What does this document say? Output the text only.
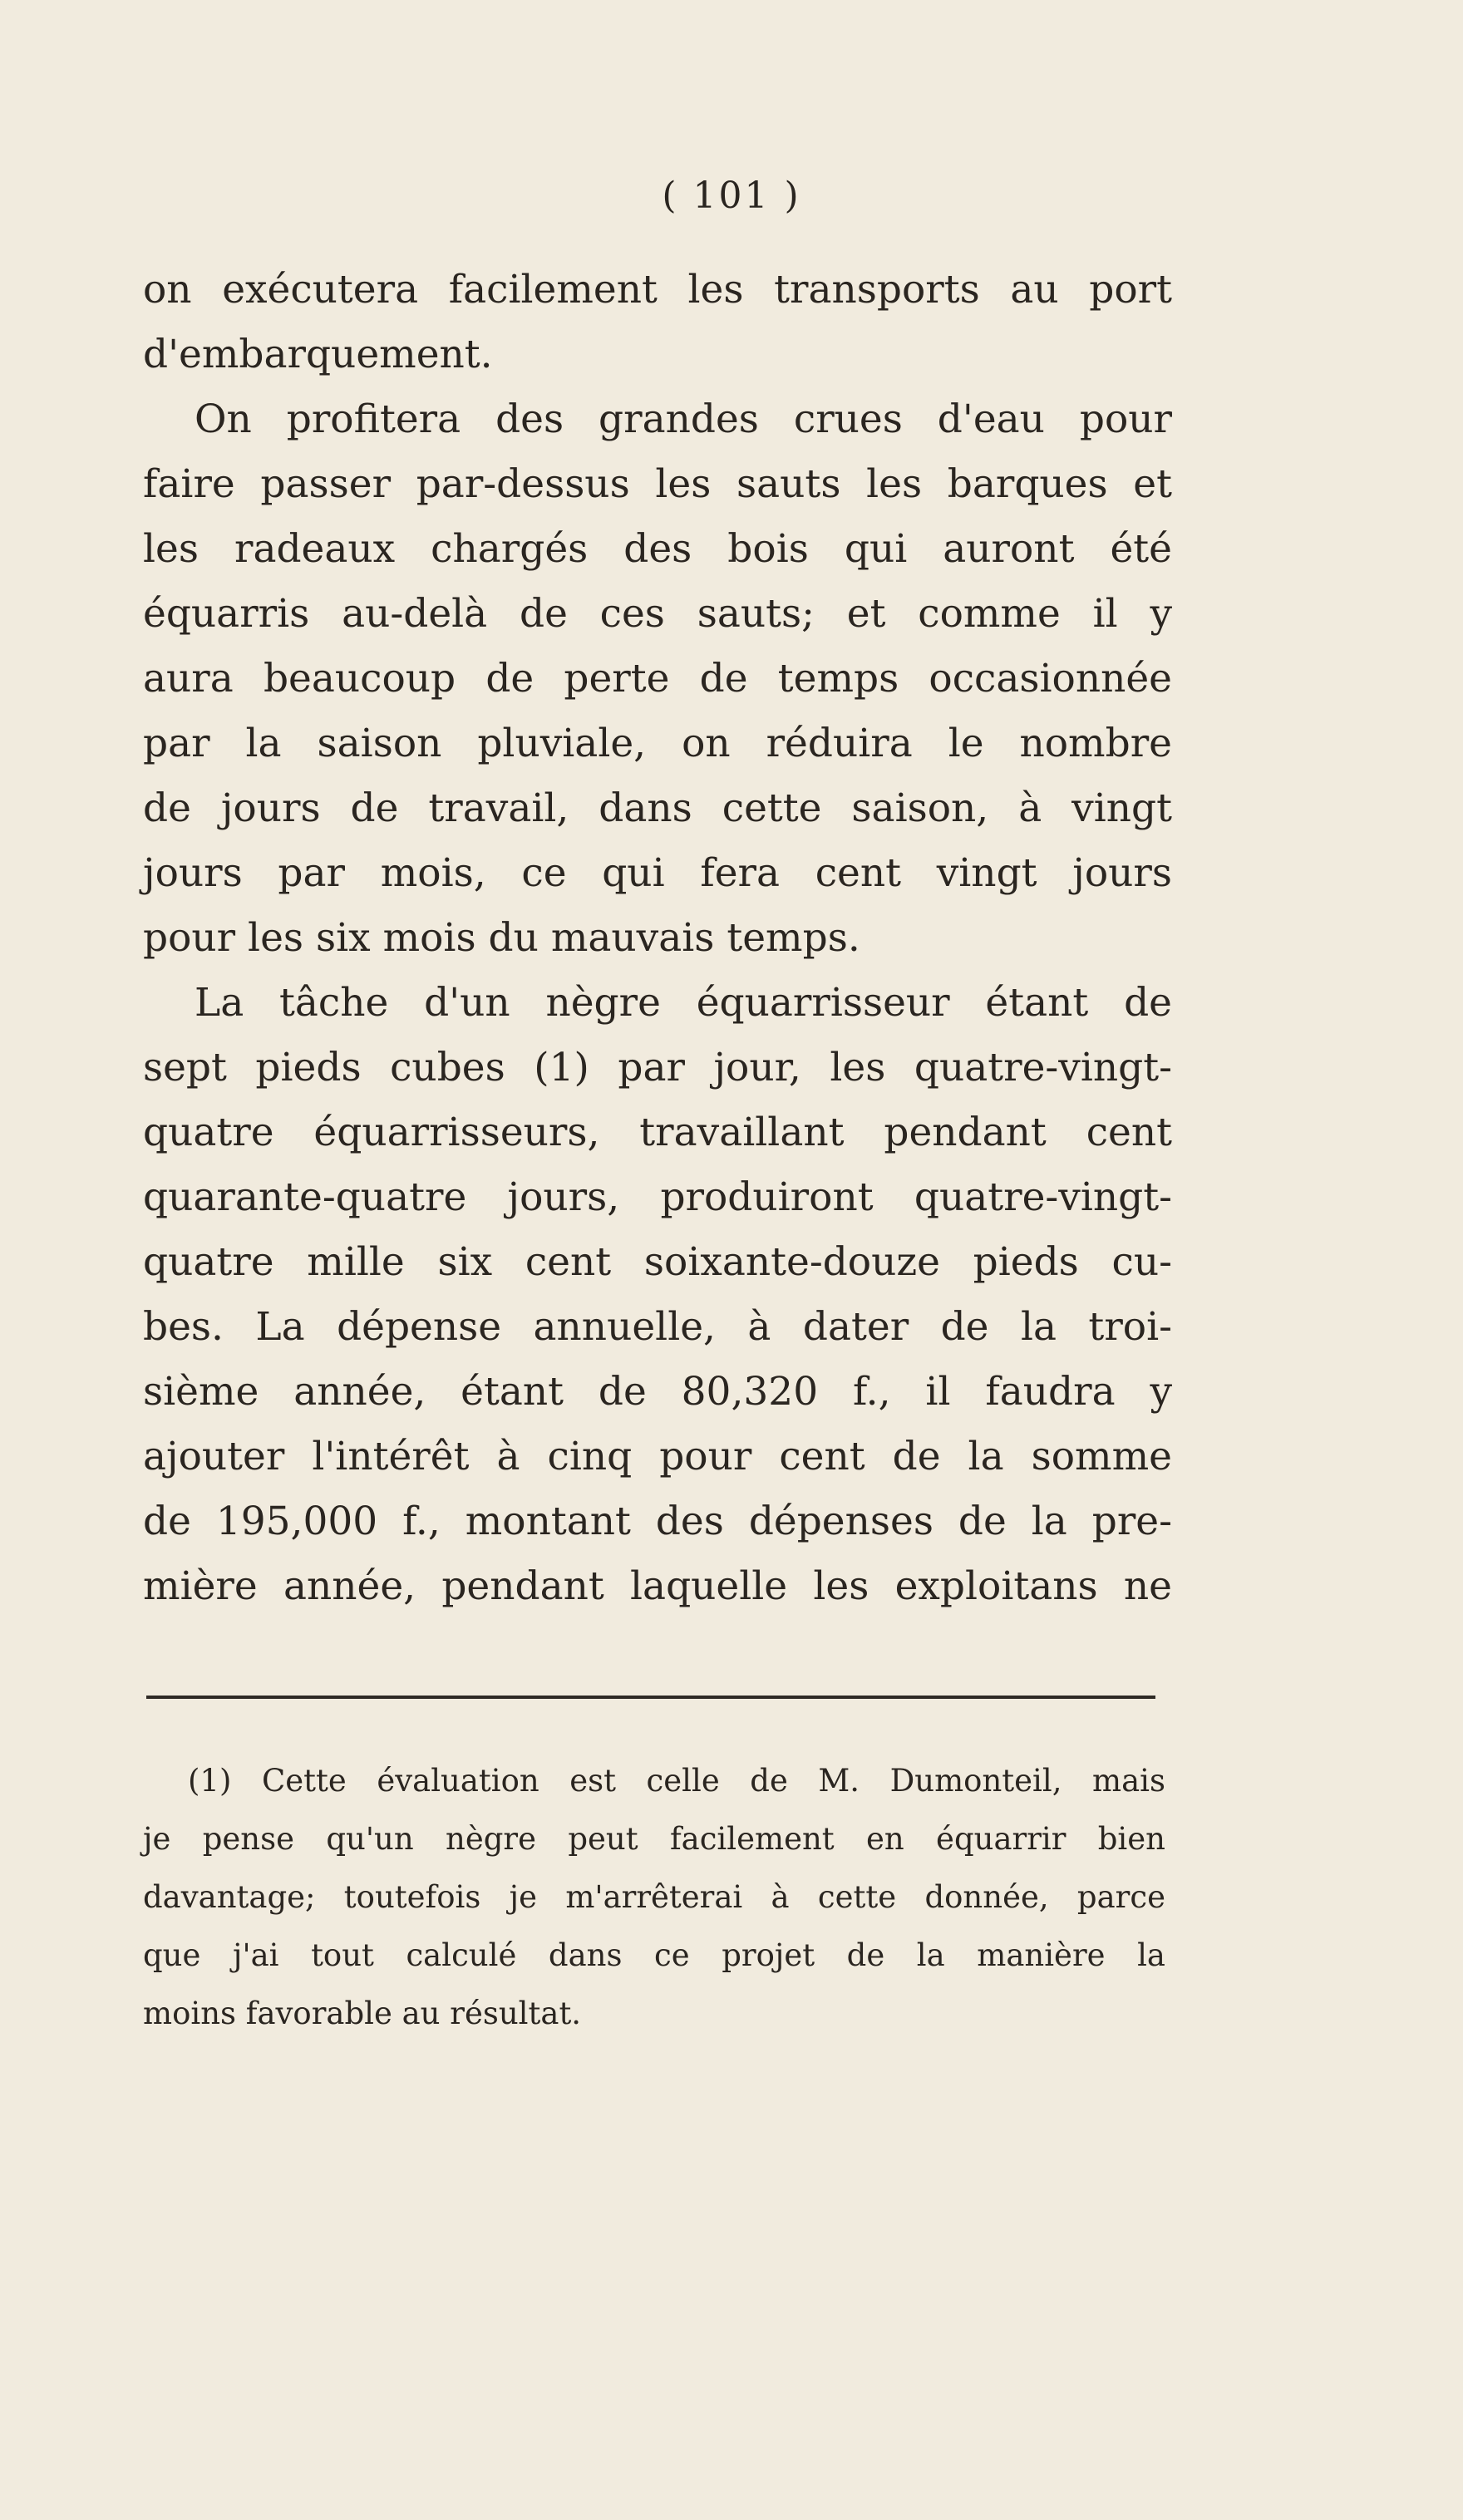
( 101 )
on exécutera facilement les transports au port
d'embarquement.
On profitera des grandes crues d'eau pour
faire passer par-dessus les sauts les barques et
les radeaux chargés des bois qui auront été
équarris au-delà de ces sauts; et comme il y
aura beaucoup de perte de temps occasionnée
par la saison pluviale, on réduira le nombre
de jours de travail, dans cette saison, à vingt
jours par mois, ce qui fera cent vingt jours
pour les six mois du mauvais temps.
La tâche d'un nègre équarrisseur étant de
sept pieds cubes (1) par jour, les quatre-vingt-
quatre équarrisseurs, travaillant pendant cent
quarante-quatre jours, produiront quatre-vingt-
quatre mille six cent soixante-douze pieds cu-
bes. La dépense annuelle, à dater de la troi-
sième année, étant de 80,320 f., il faudra y
ajouter l'intérêt à cinq pour cent de la somme
de 195,000 f., montant des dépenses de la pre-
mière année, pendant laquelle les exploitans ne
(1) Cette évaluation est celle de M. Dumonteil, mais
je pense qu'un nègre peut facilement en équarrir bien
davantage; toutefois je m'arrêterai à cette donnée, parce
que j'ai tout calculé dans ce projet de la manière la
moins favorable au résultat.
